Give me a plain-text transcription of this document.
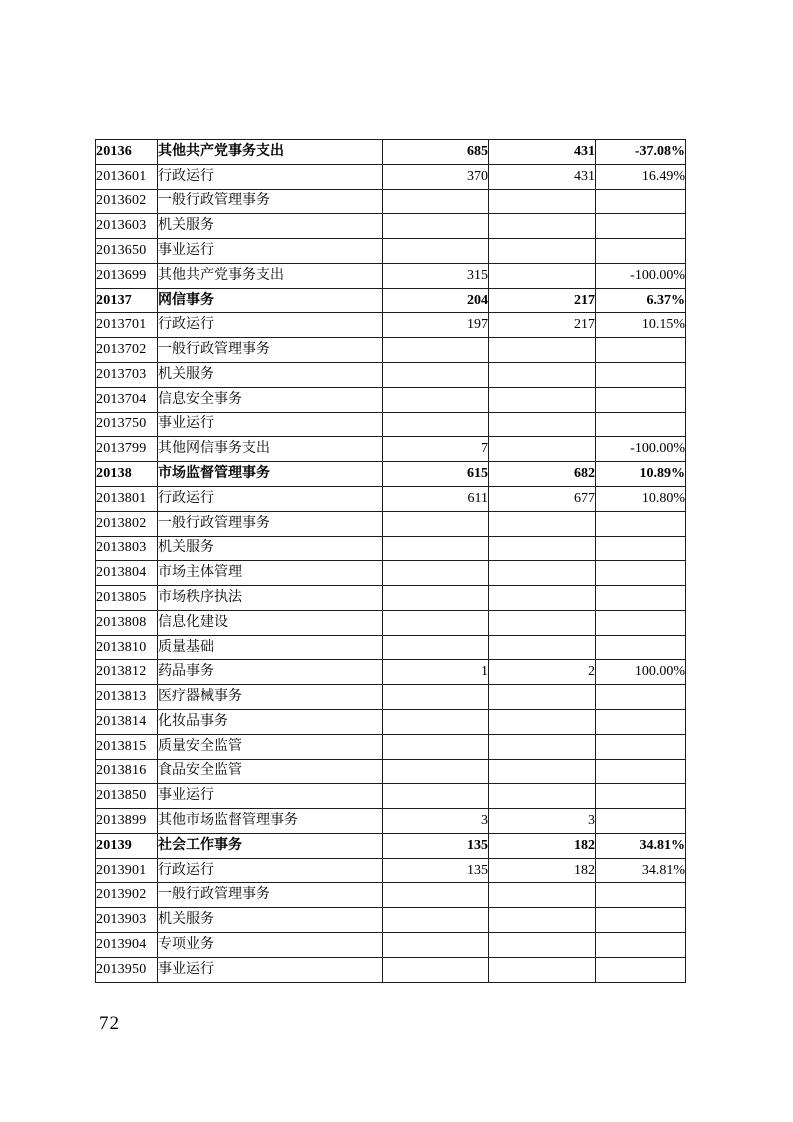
20136	其他共产党事务支出	685	431	-37.08%
2013601	行政运行	370	431	16.49%
2013602	一般行政管理事务			
2013603	机关服务			
2013650	事业运行			
2013699	其他共产党事务支出	315		-100.00%
20137	网信事务	204	217	6.37%
2013701	行政运行	197	217	10.15%
2013702	一般行政管理事务			
2013703	机关服务			
2013704	信息安全事务			
2013750	事业运行			
2013799	其他网信事务支出	7		-100.00%
20138	市场监督管理事务	615	682	10.89%
2013801	行政运行	611	677	10.80%
2013802	一般行政管理事务			
2013803	机关服务			
2013804	市场主体管理			
2013805	市场秩序执法			
2013808	信息化建设			
2013810	质量基础			
2013812	药品事务	1	2	100.00%
2013813	医疗器械事务			
2013814	化妆品事务			
2013815	质量安全监管			
2013816	食品安全监管			
2013850	事业运行			
2013899	其他市场监督管理事务	3	3	
20139	社会工作事务	135	182	34.81%
2013901	行政运行	135	182	34.81%
2013902	一般行政管理事务			
2013903	机关服务			
2013904	专项业务			
2013950	事业运行			
72
